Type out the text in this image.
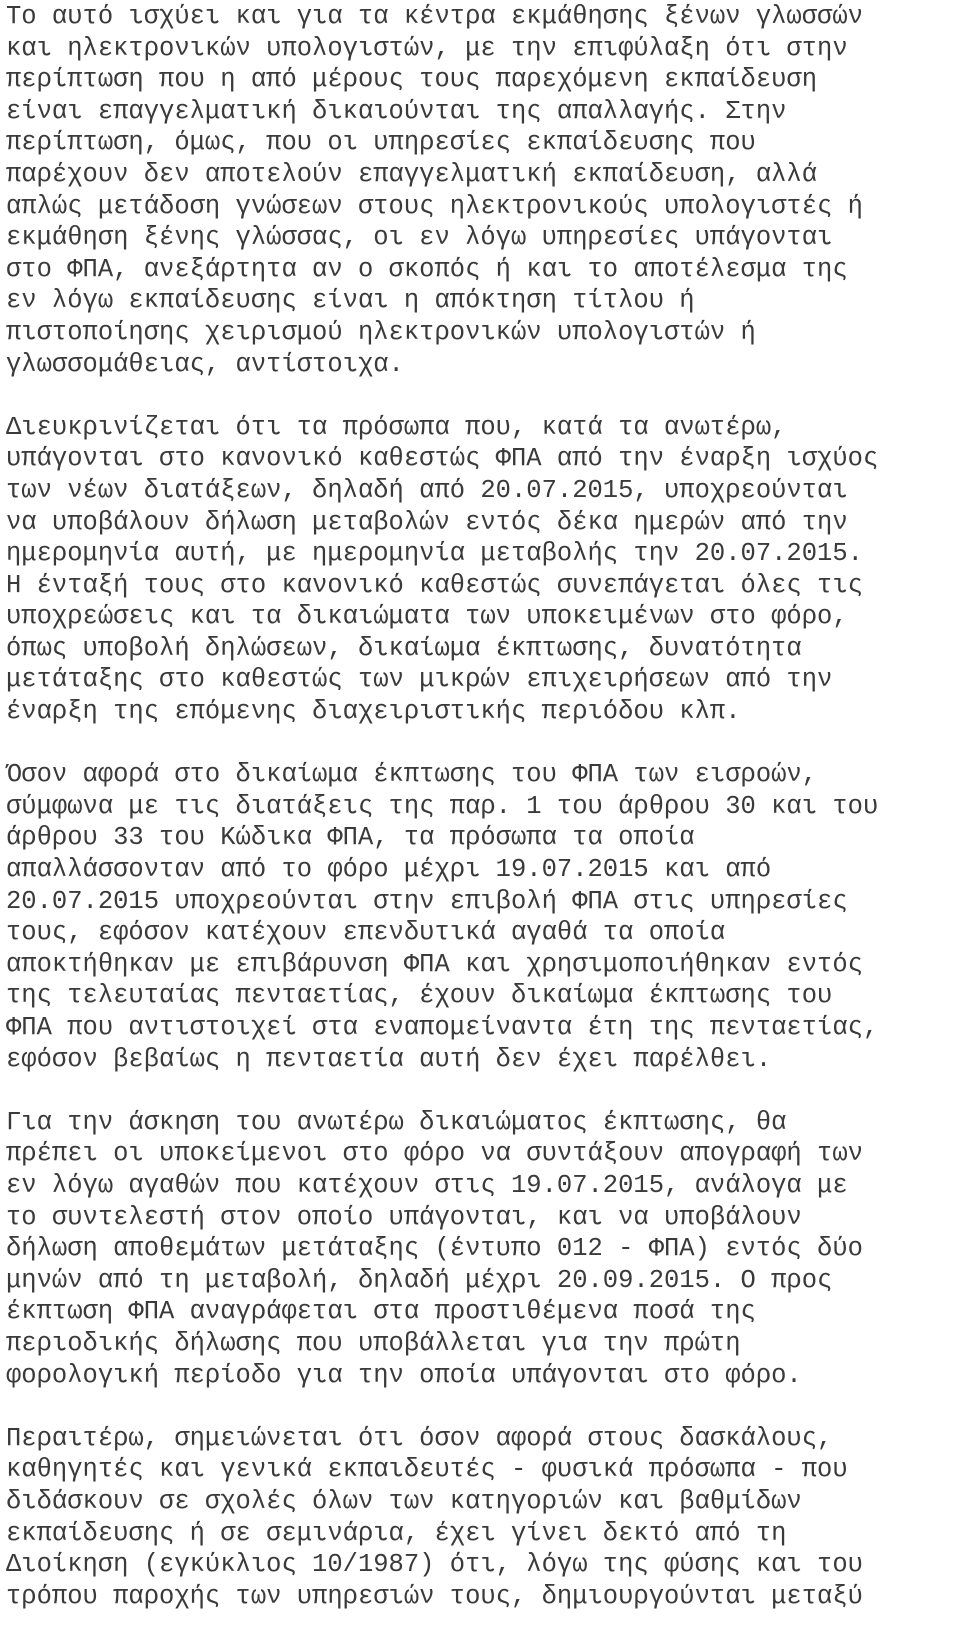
Το αυτό ισχύει και για τα κέντρα εκμάθησης ξένων γλωσσών
και ηλεκτρονικών υπολογιστών, με την επιφύλαξη ότι στην
περίπτωση που η από μέρους τους παρεχόμενη εκπαίδευση
είναι επαγγελματική δικαιούνται της απαλλαγής. Στην
περίπτωση, όμως, που οι υπηρεσίες εκπαίδευσης που
παρέχουν δεν αποτελούν επαγγελματική εκπαίδευση, αλλά
απλώς μετάδοση γνώσεων στους ηλεκτρονικούς υπολογιστές ή
εκμάθηση ξένης γλώσσας, οι εν λόγω υπηρεσίες υπάγονται
στο ΦΠΑ, ανεξάρτητα αν ο σκοπός ή και το αποτέλεσμα της
εν λόγω εκπαίδευσης είναι η απόκτηση τίτλου ή
πιστοποίησης χειρισμού ηλεκτρονικών υπολογιστών ή
γλωσσομάθειας, αντίστοιχα.
Διευκρινίζεται ότι τα πρόσωπα που, κατά τα ανωτέρω,
υπάγονται στο κανονικό καθεστώς ΦΠΑ από την έναρξη ισχύος
των νέων διατάξεων, δηλαδή από 20.07.2015, υποχρεούνται
να υποβάλουν δήλωση μεταβολών εντός δέκα ημερών από την
ημερομηνία αυτή, με ημερομηνία μεταβολής την 20.07.2015.
Η ένταξή τους στο κανονικό καθεστώς συνεπάγεται όλες τις
υποχρεώσεις και τα δικαιώματα των υποκειμένων στο φόρο,
όπως υποβολή δηλώσεων, δικαίωμα έκπτωσης, δυνατότητα
μετάταξης στο καθεστώς των μικρών επιχειρήσεων από την
έναρξη της επόμενης διαχειριστικής περιόδου κλπ.
Όσον αφορά στο δικαίωμα έκπτωσης του ΦΠΑ των εισροών,
σύμφωνα με τις διατάξεις της παρ. 1 του άρθρου 30 και του
άρθρου 33 του Κώδικα ΦΠΑ, τα πρόσωπα τα οποία
απαλλάσσονταν από το φόρο μέχρι 19.07.2015 και από
20.07.2015 υποχρεούνται στην επιβολή ΦΠΑ στις υπηρεσίες
τους, εφόσον κατέχουν επενδυτικά αγαθά τα οποία
αποκτήθηκαν με επιβάρυνση ΦΠΑ και χρησιμοποιήθηκαν εντός
της τελευταίας πενταετίας, έχουν δικαίωμα έκπτωσης του
ΦΠΑ που αντιστοιχεί στα εναπομείναντα έτη της πενταετίας,
εφόσον βεβαίως η πενταετία αυτή δεν έχει παρέλθει.
Για την άσκηση του ανωτέρω δικαιώματος έκπτωσης, θα
πρέπει οι υποκείμενοι στο φόρο να συντάξουν απογραφή των
εν λόγω αγαθών που κατέχουν στις 19.07.2015, ανάλογα με
το συντελεστή στον οποίο υπάγονται, και να υποβάλουν
δήλωση αποθεμάτων μετάταξης (έντυπο 012 - ΦΠΑ) εντός δύο
μηνών από τη μεταβολή, δηλαδή μέχρι 20.09.2015. Ο προς
έκπτωση ΦΠΑ αναγράφεται στα προστιθέμενα ποσά της
περιοδικής δήλωσης που υποβάλλεται για την πρώτη
φορολογική περίοδο για την οποία υπάγονται στο φόρο.
Περαιτέρω, σημειώνεται ότι όσον αφορά στους δασκάλους,
καθηγητές και γενικά εκπαιδευτές - φυσικά πρόσωπα - που
διδάσκουν σε σχολές όλων των κατηγοριών και βαθμίδων
εκπαίδευσης ή σε σεμινάρια, έχει γίνει δεκτό από τη
Διοίκηση (εγκύκλιος 10/1987) ότι, λόγω της φύσης και του
τρόπου παροχής των υπηρεσιών τους, δημιουργούνται μεταξύ
